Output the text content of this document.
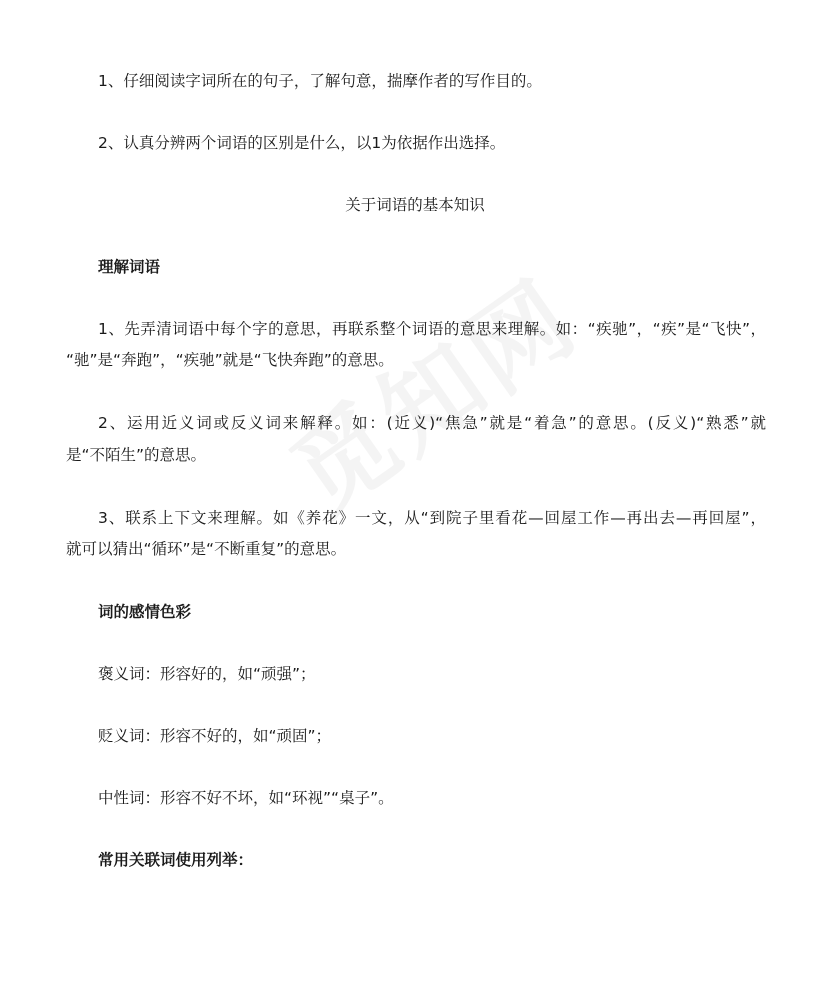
1、仔细阅读字词所在的句子，了解句意，揣摩作者的写作目的。
2、认真分辨两个词语的区别是什么，以1为依据作出选择。
关于词语的基本知识
理解词语
1、先弄清词语中每个字的意思，再联系整个词语的意思来理解。如：“疾驰”，“疾”是“飞快”，
“驰”是“奔跑”，“疾驰”就是“飞快奔跑”的意思。
2、运用近义词或反义词来解释。如：(近义)“焦急”就是“着急”的意思。(反义)“熟悉”就
是“不陌生”的意思。
3、联系上下文来理解。如《养花》一文，从“到院子里看花—回屋工作—再出去—再回屋”，
就可以猜出“循环”是“不断重复”的意思。
词的感情色彩
褒义词：形容好的，如“顽强”；
贬义词：形容不好的，如“顽固”；
中性词：形容不好不坏，如“环视”“桌子”。
常用关联词使用列举：
